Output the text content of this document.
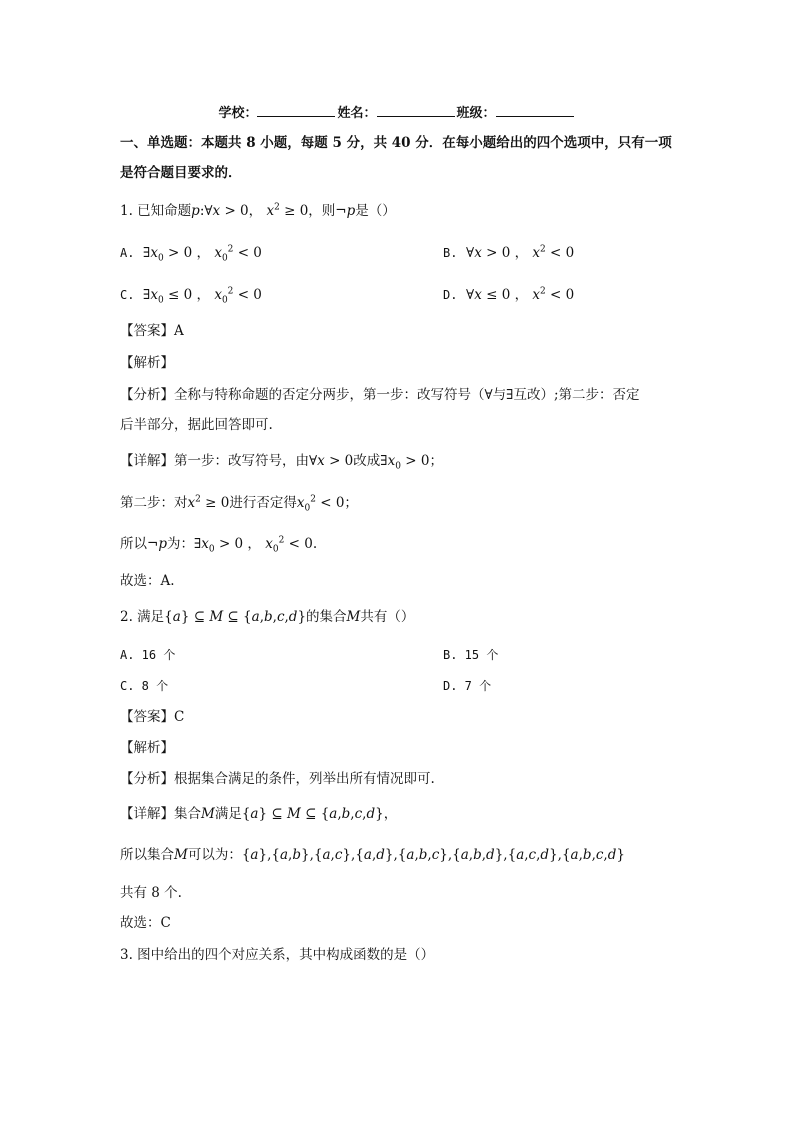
学校：	姓名：	班级：
一、单选题：本题共 8 小题，每题 5 分，共 40 分．在每小题给出的四个选项中，只有一项
是符合题目要求的．
1. 已知命题p:∀x > 0， $x^2 \ge 0$，则¬p是（）
A.  $\exists x_0 > 0$ ， $x_0^2 < 0$	B.  ∀x > 0 ， $x^2 < 0$
C.  $\exists x_0 \le 0$ ， $x_0^2 < 0$	D.  ∀x ≤ 0 ， $x^2 < 0$
【答案】A
【解析】
【分析】全称与特称命题的否定分两步，第一步：改写符号（∀与∃互改）;第二步：否定
后半部分，据此回答即可.
【详解】第一步：改写符号，由∀x > 0改成$\exists x_0 > 0$；
第二步：对$x^2 \ge 0$进行否定得$x_0^2 < 0$；
所以¬p为：$\exists x_0 > 0$ ， $x_0^2 < 0$.
故选：A.
2. 满足{a} ⊆ M ⊆ {a,b,c,d}的集合M共有（）
A. 16 个	B. 15 个
C. 8 个	D. 7 个
【答案】C
【解析】
【分析】根据集合满足的条件，列举出所有情况即可.
【详解】集合M满足{a} ⊆ M ⊆ {a,b,c,d}，
所以集合M可以为：{a},{a,b},{a,c},{a,d},{a,b,c},{a,b,d},{a,c,d},{a,b,c,d}
共有 8 个.
故选：C
3. 图中给出的四个对应关系，其中构成函数的是（）
